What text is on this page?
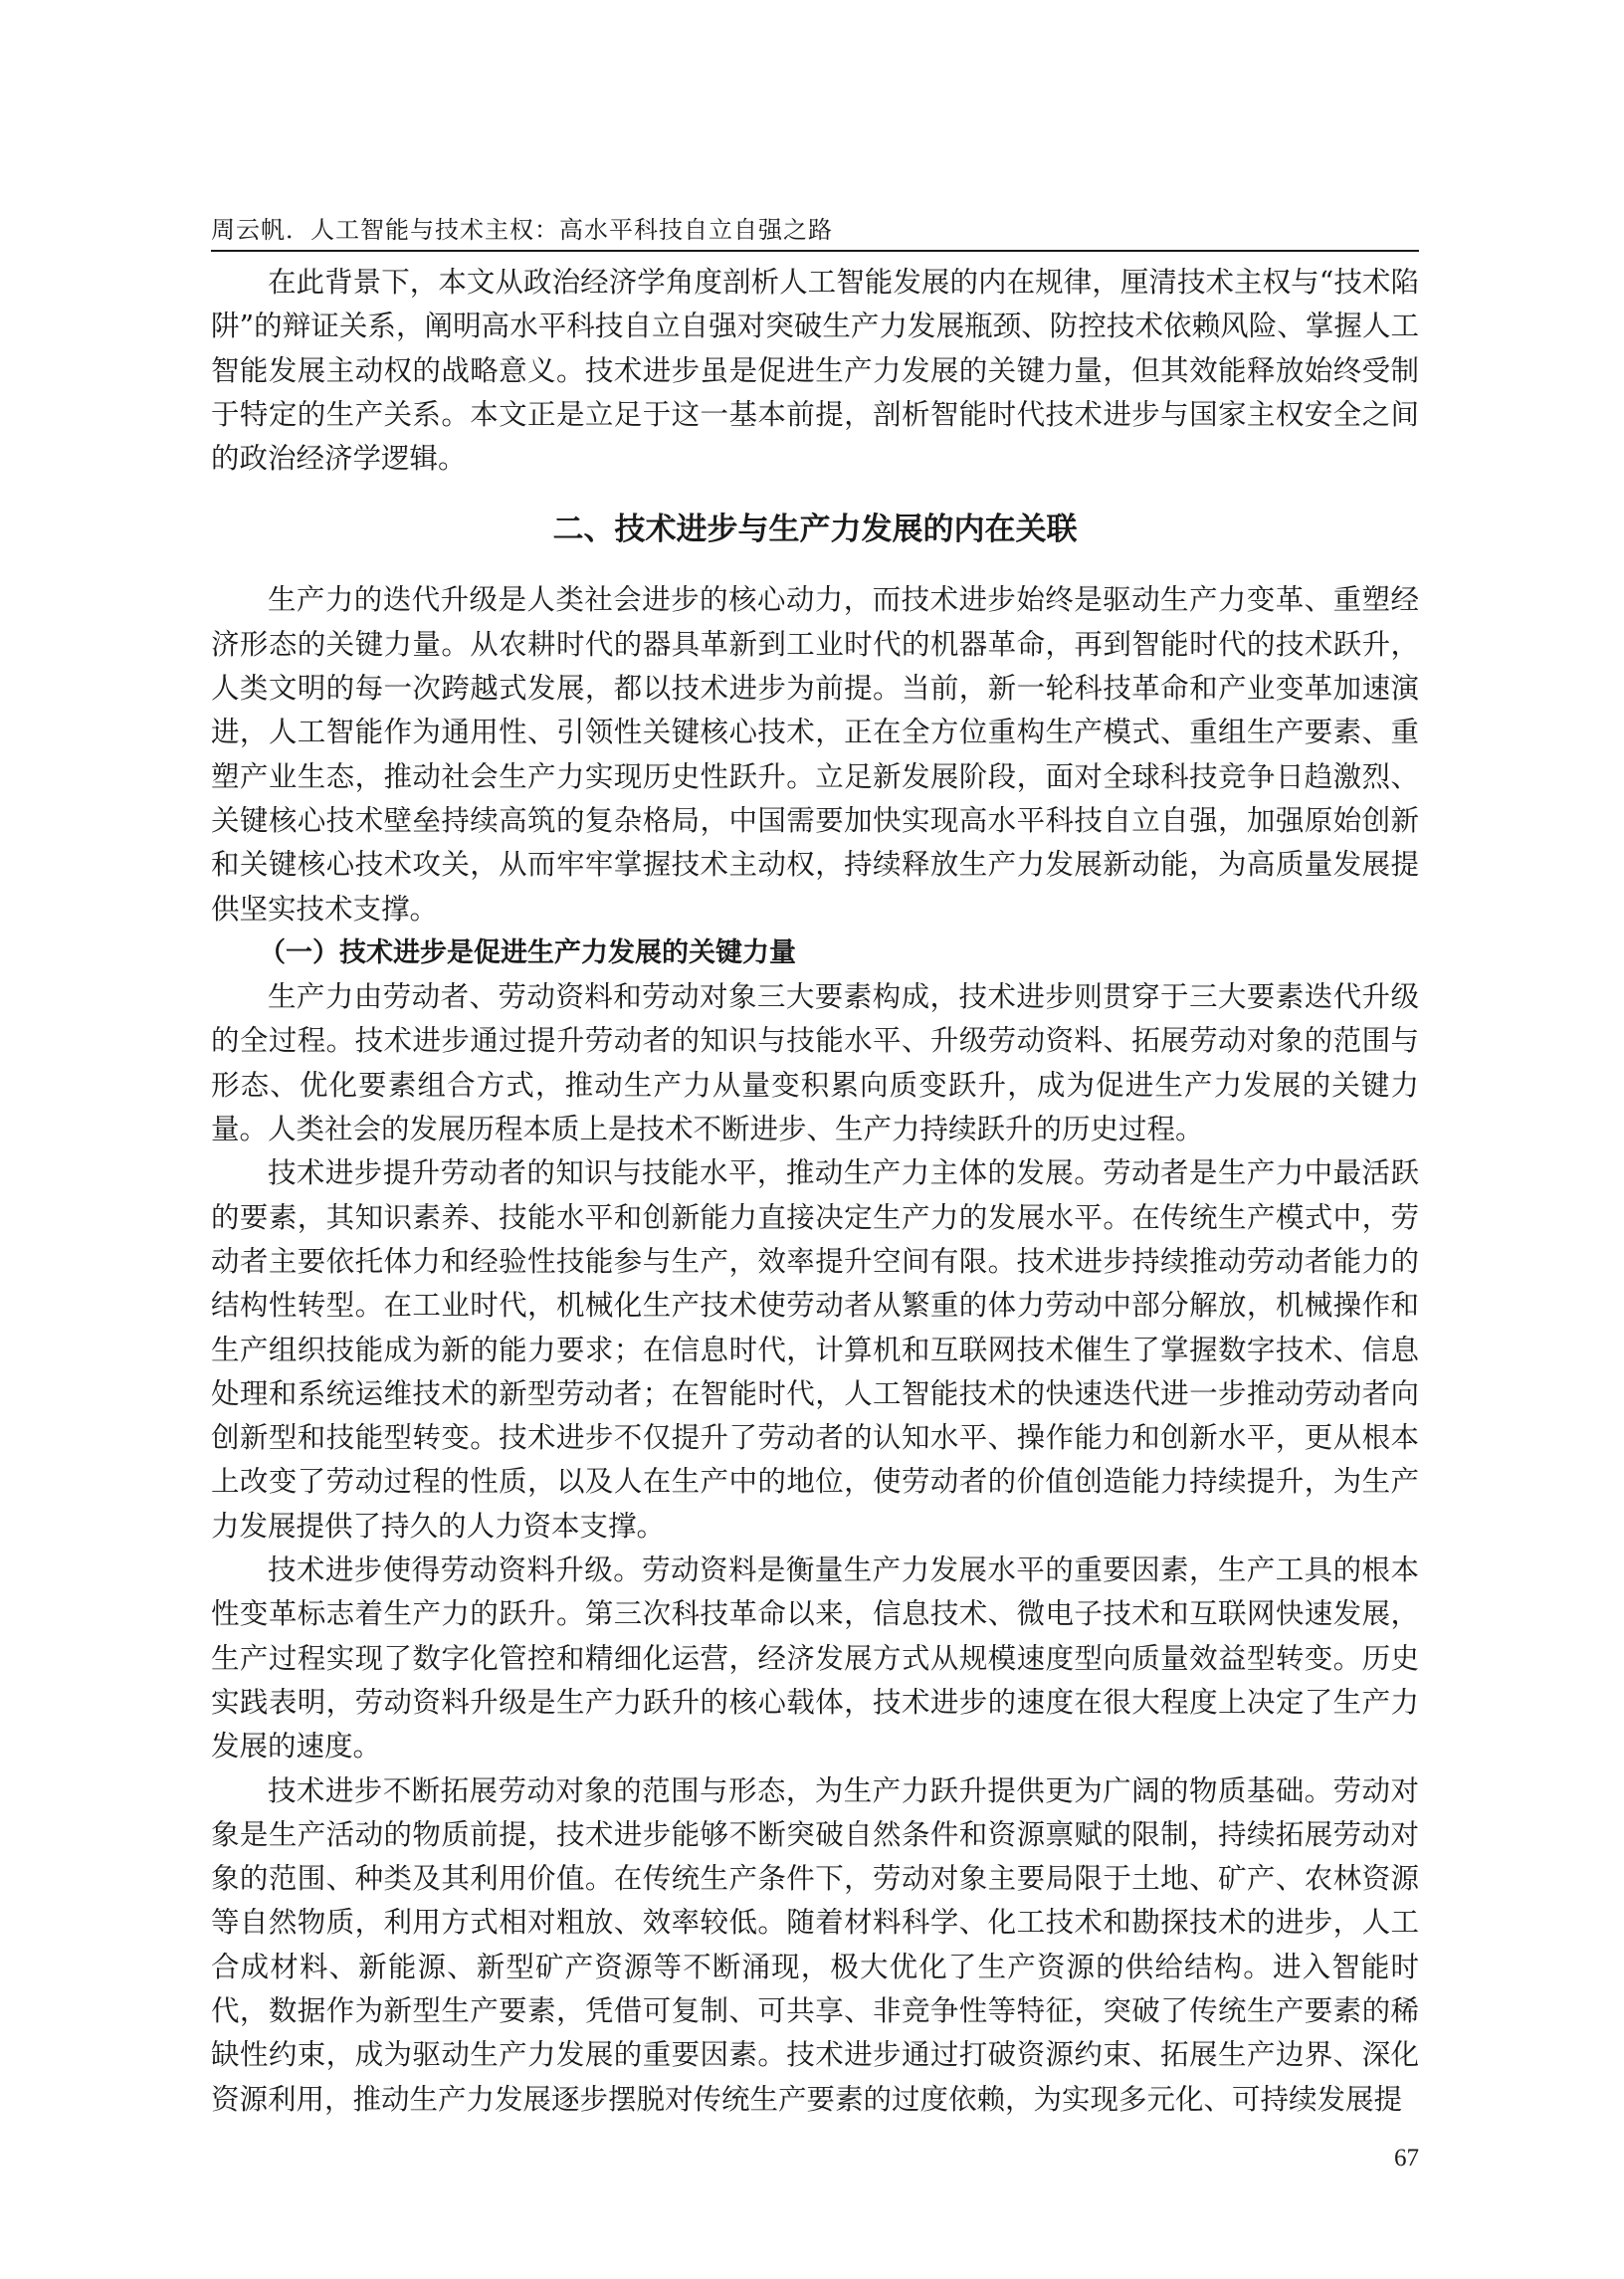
周云帆．人工智能与技术主权：高水平科技自立自强之路

在此背景下，本文从政治经济学角度剖析人工智能发展的内在规律，厘清技术主权与“技术陷阱”的辩证关系，阐明高水平科技自立自强对突破生产力发展瓶颈、防控技术依赖风险、掌握人工智能发展主动权的战略意义。技术进步虽是促进生产力发展的关键力量，但其效能释放始终受制于特定的生产关系。本文正是立足于这一基本前提，剖析智能时代技术进步与国家主权安全之间的政治经济学逻辑。

二、技术进步与生产力发展的内在关联

生产力的迭代升级是人类社会进步的核心动力，而技术进步始终是驱动生产力变革、重塑经济形态的关键力量。从农耕时代的器具革新到工业时代的机器革命，再到智能时代的技术跃升，人类文明的每一次跨越式发展，都以技术进步为前提。当前，新一轮科技革命和产业变革加速演进，人工智能作为通用性、引领性关键核心技术，正在全方位重构生产模式、重组生产要素、重塑产业生态，推动社会生产力实现历史性跃升。立足新发展阶段，面对全球科技竞争日趋激烈、关键核心技术壁垒持续高筑的复杂格局，中国需要加快实现高水平科技自立自强，加强原始创新和关键核心技术攻关，从而牢牢掌握技术主动权，持续释放生产力发展新动能，为高质量发展提供坚实技术支撑。

（一）技术进步是促进生产力发展的关键力量

生产力由劳动者、劳动资料和劳动对象三大要素构成，技术进步则贯穿于三大要素迭代升级的全过程。技术进步通过提升劳动者的知识与技能水平、升级劳动资料、拓展劳动对象的范围与形态、优化要素组合方式，推动生产力从量变积累向质变跃升，成为促进生产力发展的关键力量。人类社会的发展历程本质上是技术不断进步、生产力持续跃升的历史过程。

技术进步提升劳动者的知识与技能水平，推动生产力主体的发展。劳动者是生产力中最活跃的要素，其知识素养、技能水平和创新能力直接决定生产力的发展水平。在传统生产模式中，劳动者主要依托体力和经验性技能参与生产，效率提升空间有限。技术进步持续推动劳动者能力的结构性转型。在工业时代，机械化生产技术使劳动者从繁重的体力劳动中部分解放，机械操作和生产组织技能成为新的能力要求；在信息时代，计算机和互联网技术催生了掌握数字技术、信息处理和系统运维技术的新型劳动者；在智能时代，人工智能技术的快速迭代进一步推动劳动者向创新型和技能型转变。技术进步不仅提升了劳动者的认知水平、操作能力和创新水平，更从根本上改变了劳动过程的性质，以及人在生产中的地位，使劳动者的价值创造能力持续提升，为生产力发展提供了持久的人力资本支撑。

技术进步使得劳动资料升级。劳动资料是衡量生产力发展水平的重要因素，生产工具的根本性变革标志着生产力的跃升。第三次科技革命以来，信息技术、微电子技术和互联网快速发展，生产过程实现了数字化管控和精细化运营，经济发展方式从规模速度型向质量效益型转变。历史实践表明，劳动资料升级是生产力跃升的核心载体，技术进步的速度在很大程度上决定了生产力发展的速度。

技术进步不断拓展劳动对象的范围与形态，为生产力跃升提供更为广阔的物质基础。劳动对象是生产活动的物质前提，技术进步能够不断突破自然条件和资源禀赋的限制，持续拓展劳动对象的范围、种类及其利用价值。在传统生产条件下，劳动对象主要局限于土地、矿产、农林资源等自然物质，利用方式相对粗放、效率较低。随着材料科学、化工技术和勘探技术的进步，人工合成材料、新能源、新型矿产资源等不断涌现，极大优化了生产资源的供给结构。进入智能时代，数据作为新型生产要素，凭借可复制、可共享、非竞争性等特征，突破了传统生产要素的稀缺性约束，成为驱动生产力发展的重要因素。技术进步通过打破资源约束、拓展生产边界、深化资源利用，推动生产力发展逐步摆脱对传统生产要素的过度依赖，为实现多元化、可持续发展提

67
